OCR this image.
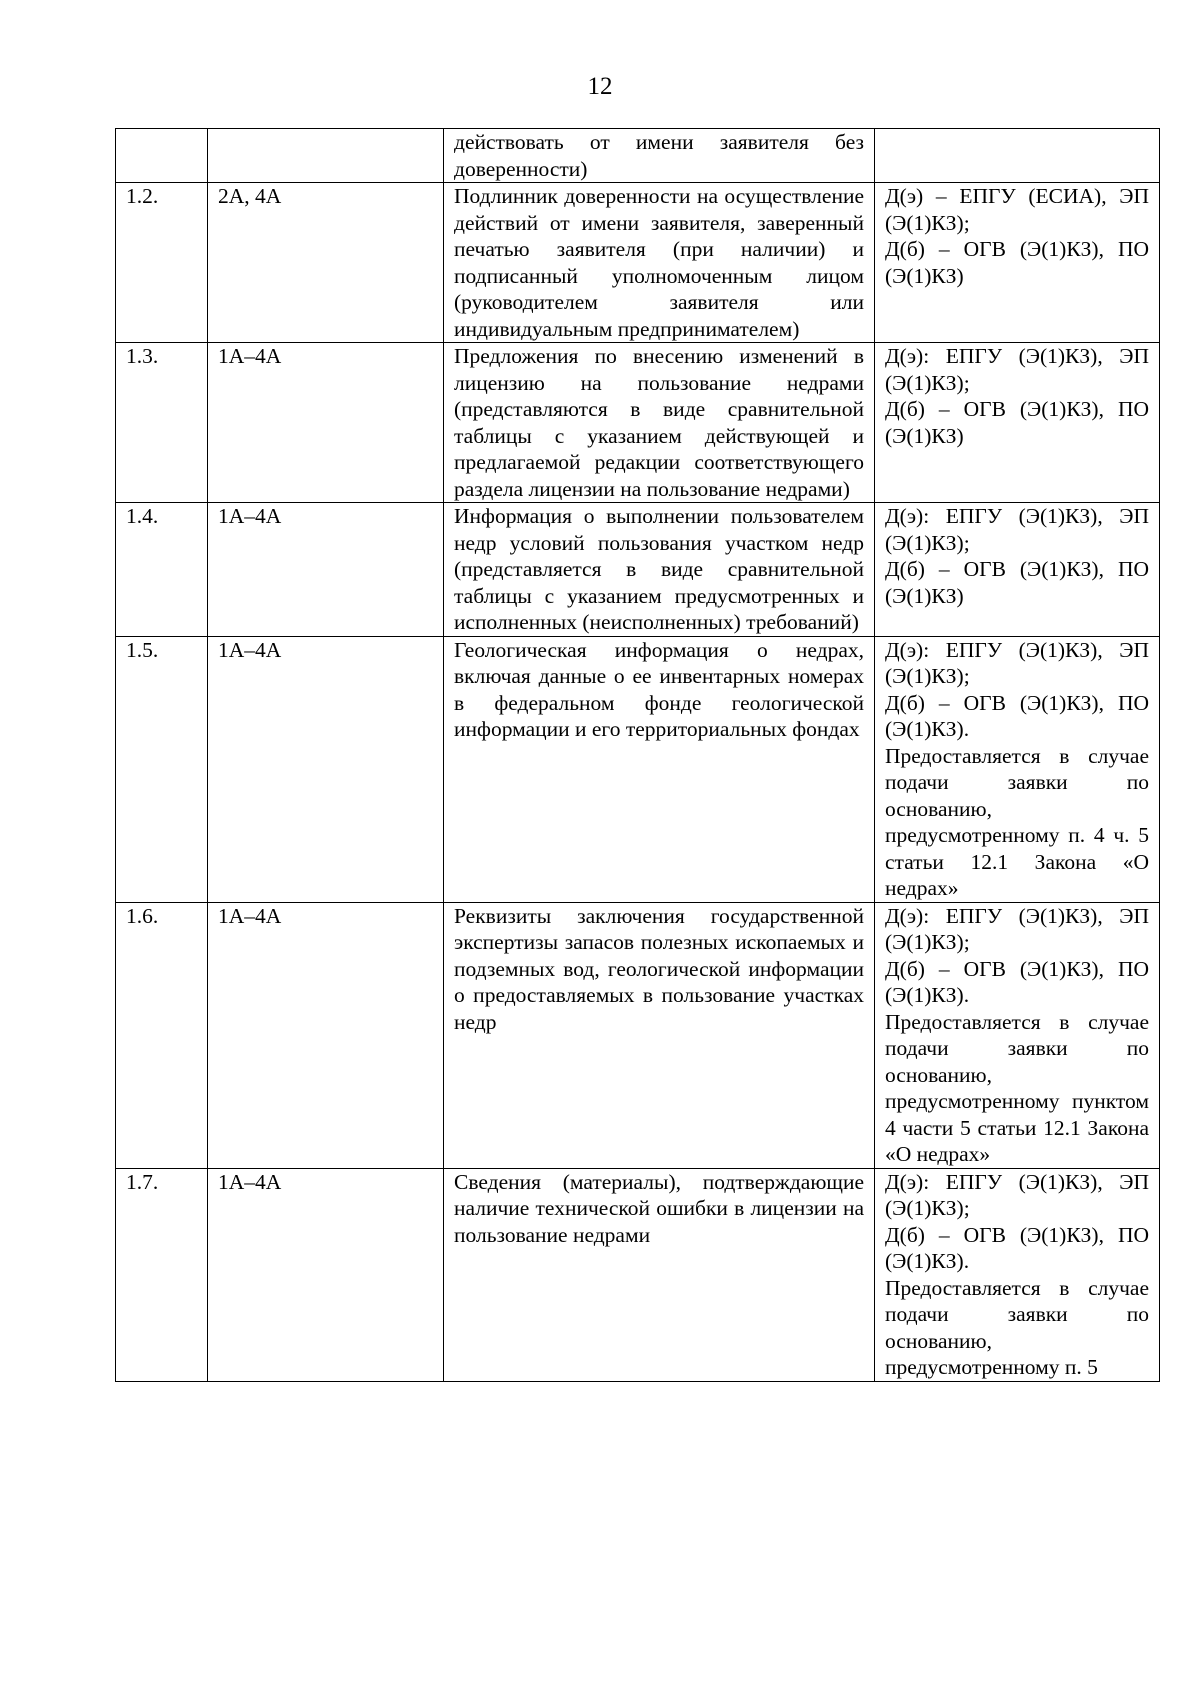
12
		действовать от имени заявителя без доверенности)	
1.2.	2А, 4А	Подлинник доверенности на осуществление действий от имени заявителя, заверенный печатью заявителя (при наличии) и подписанный уполномоченным лицом (руководителем заявителя или индивидуальным предпринимателем)	Д(э) – ЕПГУ (ЕСИА), ЭП (Э(1)КЗ);
Д(б) – ОГВ (Э(1)КЗ), ПО (Э(1)КЗ)

1.3.	1А–4А	Предложения по внесению изменений в лицензию на пользование недрами (представляются в виде сравнительной таблицы с указанием действующей и предлагаемой редакции соответствующего раздела лицензии на пользование недрами)	Д(э): ЕПГУ (Э(1)КЗ), ЭП (Э(1)КЗ);
Д(б) – ОГВ (Э(1)КЗ), ПО (Э(1)КЗ)

1.4.	1А–4А	Информация о выполнении пользователем недр условий пользования участком недр (представляется в виде сравнительной таблицы с указанием предусмотренных и исполненных (неисполненных) требований)	Д(э): ЕПГУ (Э(1)КЗ), ЭП (Э(1)КЗ);
Д(б) – ОГВ (Э(1)КЗ), ПО (Э(1)КЗ)

1.5.	1А–4А	Геологическая информация о недрах, включая данные о ее инвентарных номерах в федеральном фонде геологической информации и его территориальных фондах	Д(э): ЕПГУ (Э(1)КЗ), ЭП (Э(1)КЗ);
Д(б) – ОГВ (Э(1)КЗ), ПО (Э(1)КЗ).
Предоставляется в случае подачи заявки по основанию, предусмотренному п. 4 ч. 5 статьи 12.1 Закона «О недрах»

1.6.	1А–4А	Реквизиты заключения государственной экспертизы запасов полезных ископаемых и подземных вод, геологической информации о предоставляемых в пользование участках недр	Д(э): ЕПГУ (Э(1)КЗ), ЭП (Э(1)КЗ);
Д(б) – ОГВ (Э(1)КЗ), ПО (Э(1)КЗ).
Предоставляется в случае подачи заявки по основанию, предусмотренному пунктом 4 части 5 статьи 12.1 Закона «О недрах»

1.7.	1А–4А	Сведения (материалы), подтверждающие наличие технической ошибки в лицензии на пользование недрами	Д(э): ЕПГУ (Э(1)КЗ), ЭП (Э(1)КЗ);
Д(б) – ОГВ (Э(1)КЗ), ПО (Э(1)КЗ).
Предоставляется в случае подачи заявки по основанию, предусмотренному п. 5
